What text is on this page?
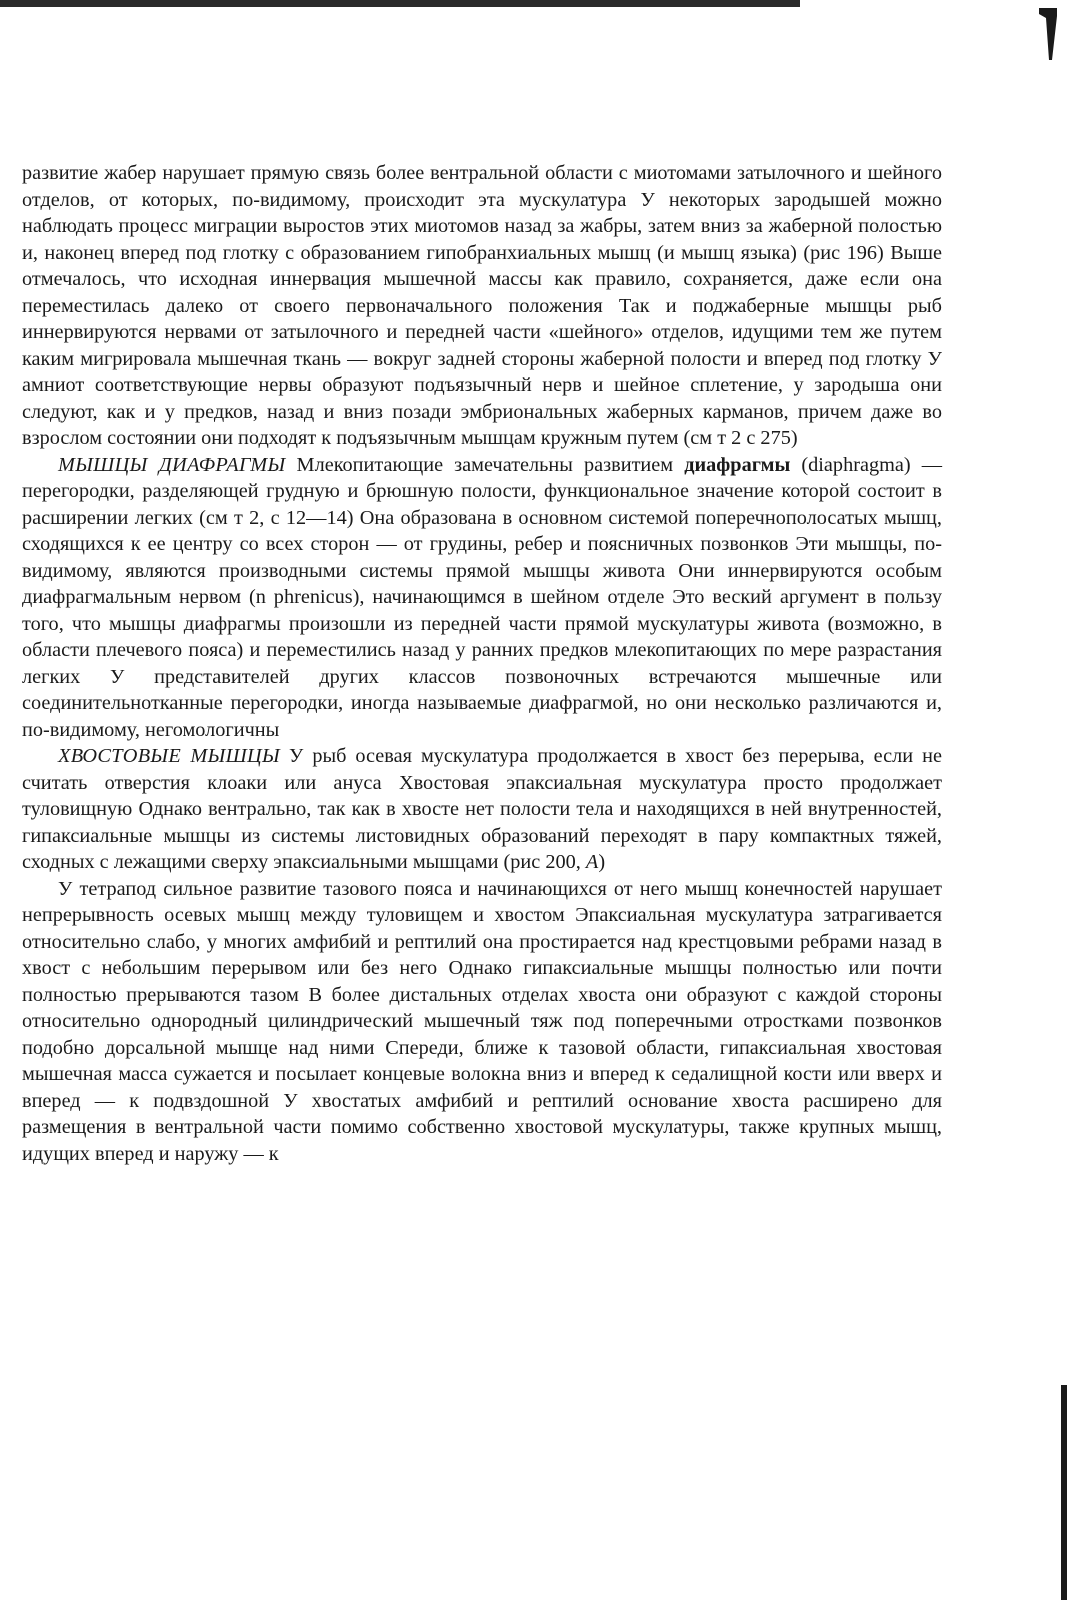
развитие жабер нарушает прямую связь более вентральной области с миотомами затылочного и шейного отделов, от которых, по-видимому, происходит эта мускулатура У некоторых зародышей можно наблюдать процесс миграции выростов этих миотомов назад за жабры, затем вниз за жаберной полостью и, наконец вперед под глотку с образованием гипобранхиальных мышц (и мышц языка) (рис 196) Выше отмечалось, что исходная иннервация мышечной массы как правило, сохраняется, даже если она переместилась далеко от своего первоначального положения Так и поджаберные мышцы рыб иннервируются нервами от затылочного и передней части «шейного» отделов, идущими тем же путем каким мигрировала мышечная ткань — вокруг задней стороны жаберной полости и вперед под глотку У амниот соответствующие нервы образуют подъязычный нерв и шейное сплетение, у зародыша они следуют, как и у предков, назад и вниз позади эмбриональных жаберных карманов, причем даже во взрослом состоянии они подходят к подъязычным мышцам кружным путем (см т 2 с 275)

МЫШЦЫ ДИАФРАГМЫ Млекопитающие замечательны развитием диафрагмы (diaphragma) — перегородки, разделяющей грудную и брюшную полости, функциональное значение которой состоит в расширении легких (см т 2, с 12—14) Она образована в основном системой поперечнополосатых мышц, сходящихся к ее центру со всех сторон — от грудины, ребер и поясничных позвонков Эти мышцы, по-видимому, являются производными системы прямой мышцы живота Они иннервируются особым диафрагмальным нервом (n phrenicus), начинающимся в шейном отделе Это веский аргумент в пользу того, что мышцы диафрагмы произошли из передней части прямой мускулатуры живота (возможно, в области плечевого пояса) и переместились назад у ранних предков млекопитающих по мере разрастания легких У представителей других классов позвоночных встречаются мышечные или соединительнотканные перегородки, иногда называемые диафрагмой, но они несколько различаются и, по-видимому, негомологичны

ХВОСТОВЫЕ МЫШЦЫ У рыб осевая мускулатура продолжается в хвост без перерыва, если не считать отверстия клоаки или ануса Хвостовая эпаксиальная мускулатура просто продолжает туловищную Однако вентрально, так как в хвосте нет полости тела и находящихся в ней внутренностей, гипаксиальные мышцы из системы листовидных образований переходят в пару компактных тяжей, сходных с лежащими сверху эпаксиальными мышцами (рис 200, A)

У тетрапод сильное развитие тазового пояса и начинающихся от него мышц конечностей нарушает непрерывность осевых мышц между туловищем и хвостом Эпаксиальная мускулатура затрагивается относительно слабо, у многих амфибий и рептилий она простирается над крестцовыми ребрами назад в хвост с небольшим перерывом или без него Однако гипаксиальные мышцы полностью или почти полностью прерываются тазом В более дистальных отделах хвоста они образуют с каждой стороны относительно однородный цилиндрический мышечный тяж под поперечными отростками позвонков подобно дорсальной мышце над ними Спереди, ближе к тазовой области, гипаксиальная хвостовая мышечная масса сужается и посылает концевые волокна вниз и вперед к седалищной кости или вверх и вперед — к подвздошной У хвостатых амфибий и рептилий основание хвоста расширено для размещения в вентральной части помимо собственно хвостовой мускулатуры, также крупных мышц, идущих вперед и наружу — к
